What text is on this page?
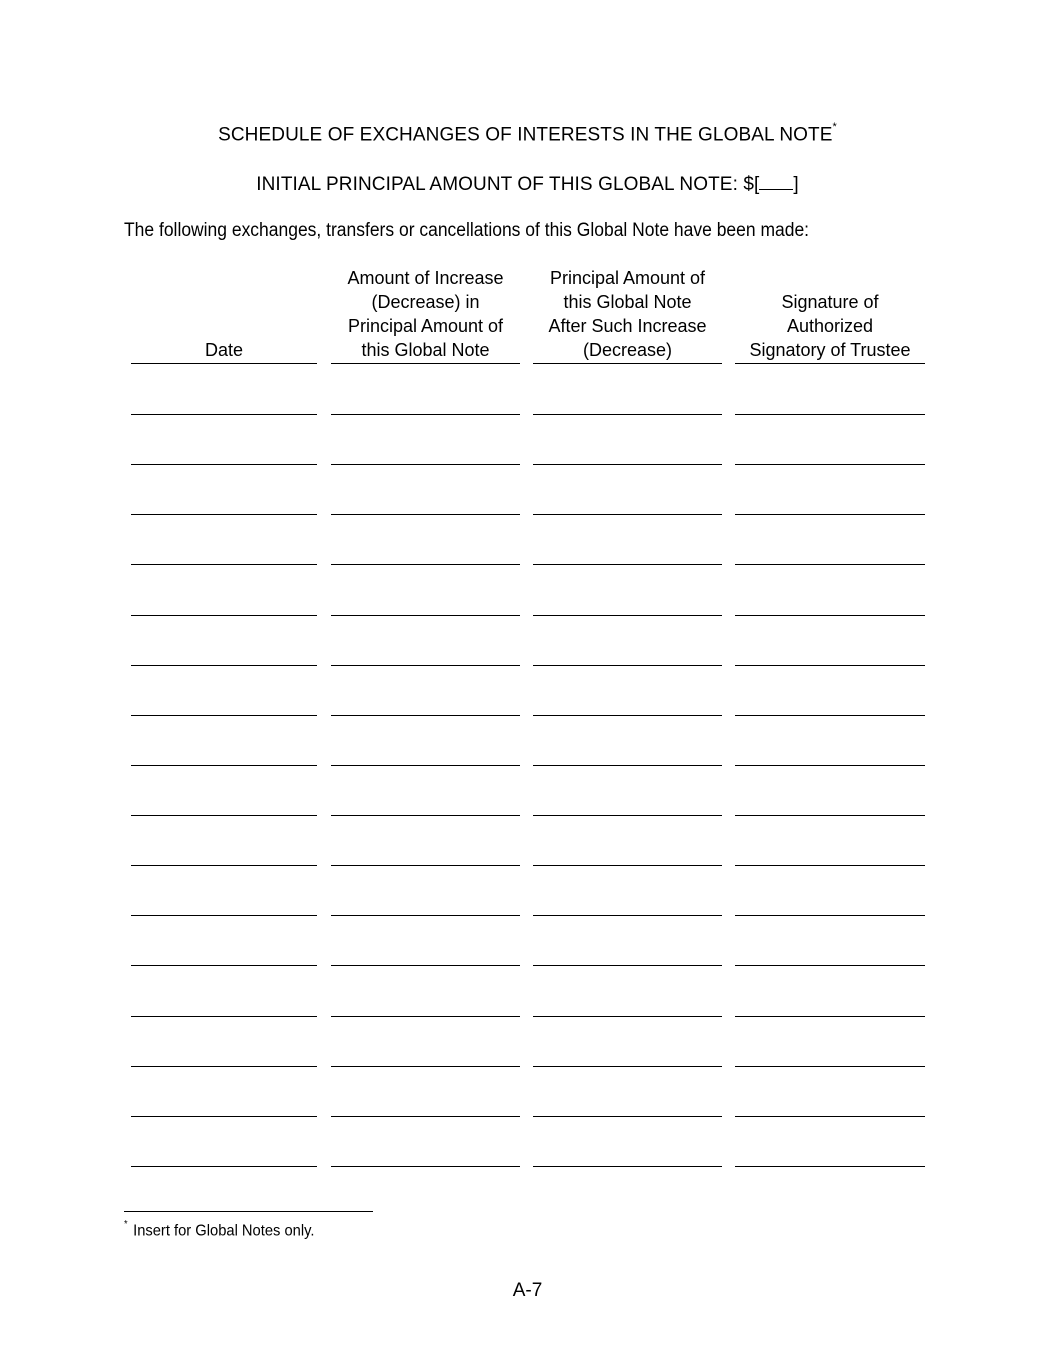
SCHEDULE OF EXCHANGES OF INTERESTS IN THE GLOBAL NOTE*
INITIAL PRINCIPAL AMOUNT OF THIS GLOBAL NOTE: $[ ]
The following exchanges, transfers or cancellations of this Global Note have been made:
Date
Amount of Increase
(Decrease) in
Principal Amount of
this Global Note
Principal Amount of
this Global Note
After Such Increase
(Decrease)
Signature of
Authorized
Signatory of Trustee
* Insert for Global Notes only.
A-7
